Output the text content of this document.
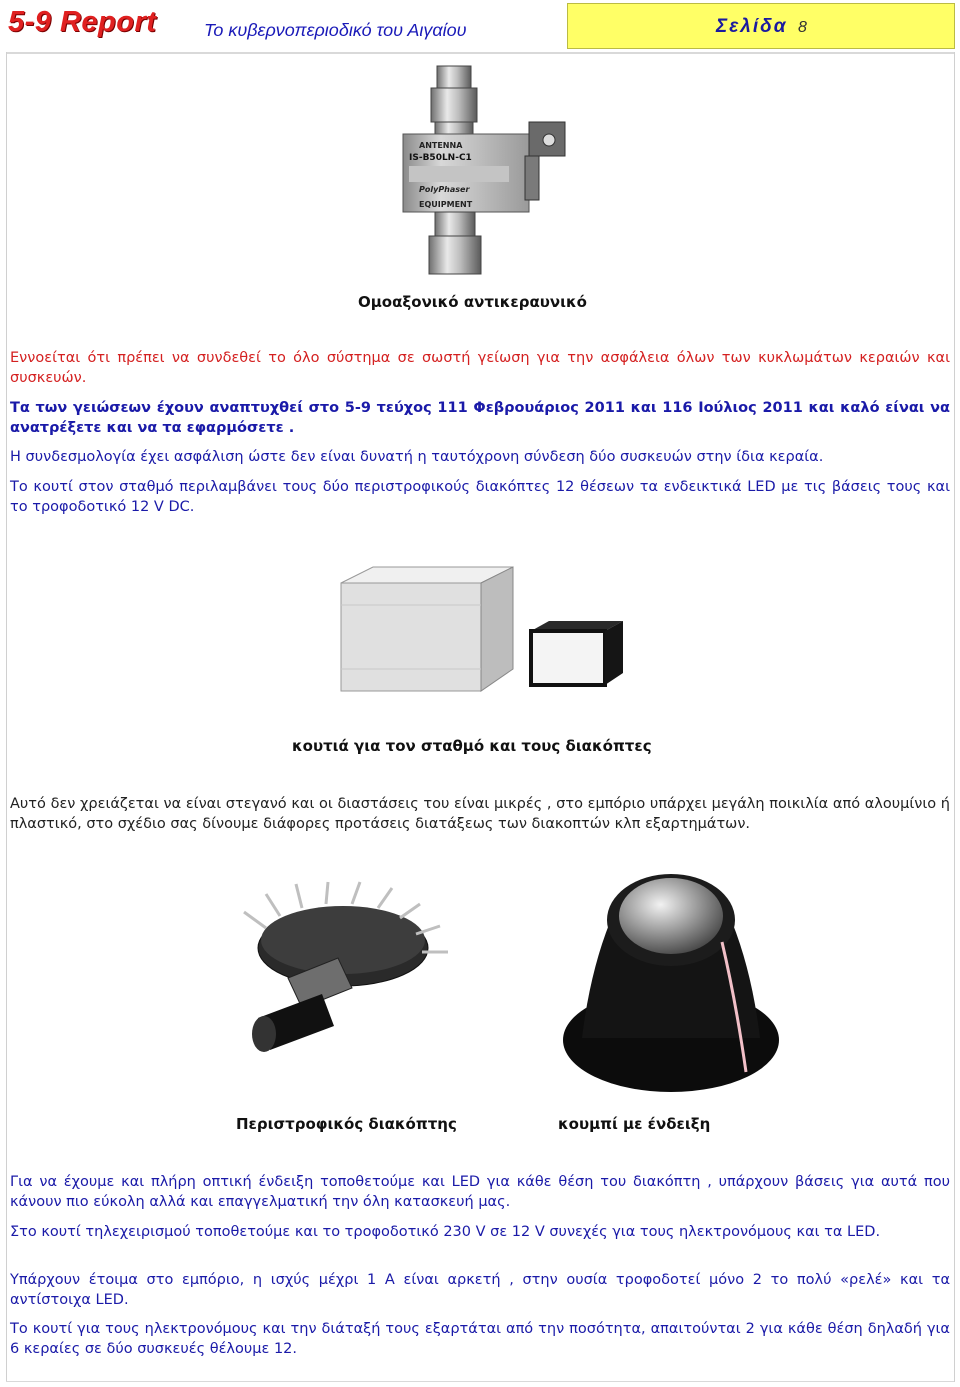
5-9 Report	Το κυβερνοπεριοδικό του Αιγαίου	Σελίδα 8
ANTENNA
IS-B50LN-C1
PolyPhaser
EQUIPMENT
Ομοαξονικό αντικεραυνικό
Εννοείται ότι πρέπει να συνδεθεί το όλο σύστημα σε σωστή γείωση για την ασφάλεια όλων των κυκλωμάτων κεραιών και συσκευών.
Τα των γειώσεων έχουν αναπτυχθεί στο 5-9 τεύχος 111 Φεβρουάριος 2011 και 116 Ιούλιος 2011 και καλό είναι να ανατρέξετε και να τα εφαρμόσετε .
Η συνδεσμολογία έχει ασφάλιση ώστε δεν είναι δυνατή η ταυτόχρονη σύνδεση δύο συσκευών στην ίδια κεραία.
Το κουτί στον σταθμό περιλαμβάνει τους δύο περιστροφικούς διακόπτες 12 θέσεων τα ενδεικτικά LED με τις βάσεις τους και το τροφοδοτικό 12 V DC.
κουτιά για τον σταθμό και τους διακόπτες
Αυτό δεν χρειάζεται να είναι στεγανό και οι διαστάσεις του είναι μικρές , στο εμπόριο υπάρχει μεγάλη ποικιλία από αλουμίνιο ή πλαστικό, στο σχέδιο σας δίνουμε διάφορες προτάσεις διατάξεως των διακοπτών κλπ εξαρτημάτων.
Περιστροφικός διακόπτης	κουμπί με ένδειξη
Για να έχουμε και πλήρη οπτική ένδειξη τοποθετούμε και LED για κάθε θέση του διακόπτη , υπάρχουν βάσεις για αυτά που κάνουν πιο εύκολη αλλά και επαγγελματική την όλη κατασκευή μας.
Στο κουτί τηλεχειρισμού τοποθετούμε και το τροφοδοτικό 230 V σε 12 V συνεχές για τους ηλεκτρονόμους και τα LED.
Υπάρχουν έτοιμα στο εμπόριο, η ισχύς μέχρι 1 A είναι αρκετή , στην ουσία τροφοδοτεί μόνο 2 το πολύ «ρελέ» και τα αντίστοιχα LED.
Το κουτί για τους ηλεκτρονόμους και την διάταξή τους εξαρτάται από την ποσότητα, απαιτούνται 2 για κάθε θέση δηλαδή για 6 κεραίες σε δύο συσκευές θέλουμε 12.
